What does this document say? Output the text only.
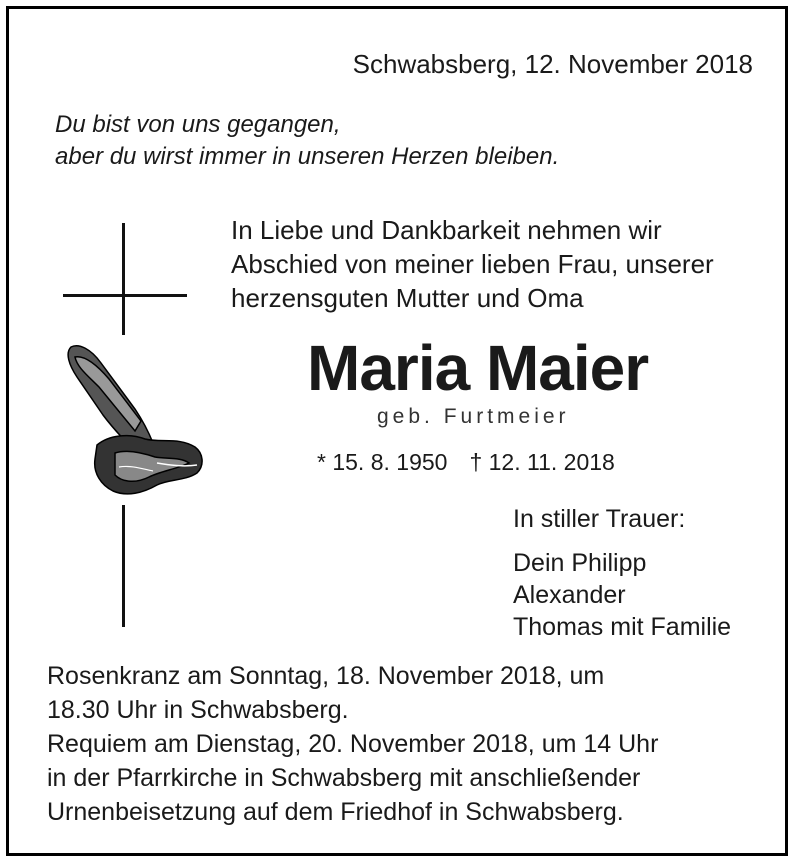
Schwabsberg, 12. November 2018
Du bist von uns gegangen,
aber du wirst immer in unseren Herzen bleiben.
In Liebe und Dankbarkeit nehmen wir
Abschied von meiner lieben Frau, unserer
herzensguten Mutter und Oma
Maria Maier
geb. Furtmeier
* 15. 8. 1950 † 12. 11. 2018
In stiller Trauer:
Dein Philipp
Alexander
Thomas mit Familie
Rosenkranz am Sonntag, 18. November 2018, um
18.30 Uhr in Schwabsberg.
Requiem am Dienstag, 20. November 2018, um 14 Uhr
in der Pfarrkirche in Schwabsberg mit anschließender
Urnenbeisetzung auf dem Friedhof in Schwabsberg.
